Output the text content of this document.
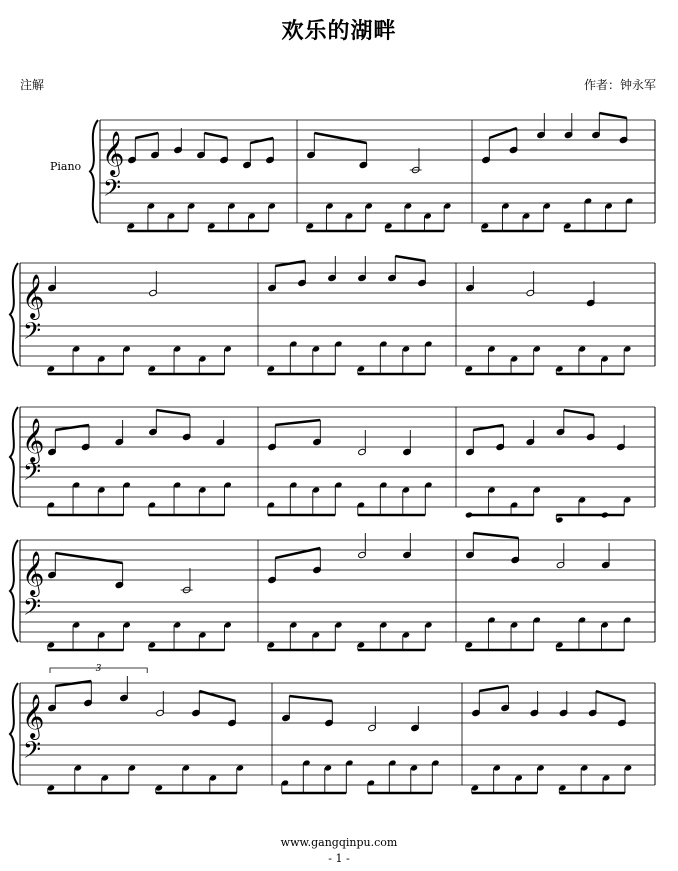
欢乐的湖畔
注解	作者：钟永军
Piano 𝄞
𝄢
𝄞
𝄢
𝄞
𝄢
𝄞
𝄢
𝄞
𝄢
3
www.gangqinpu.com
- 1 -
